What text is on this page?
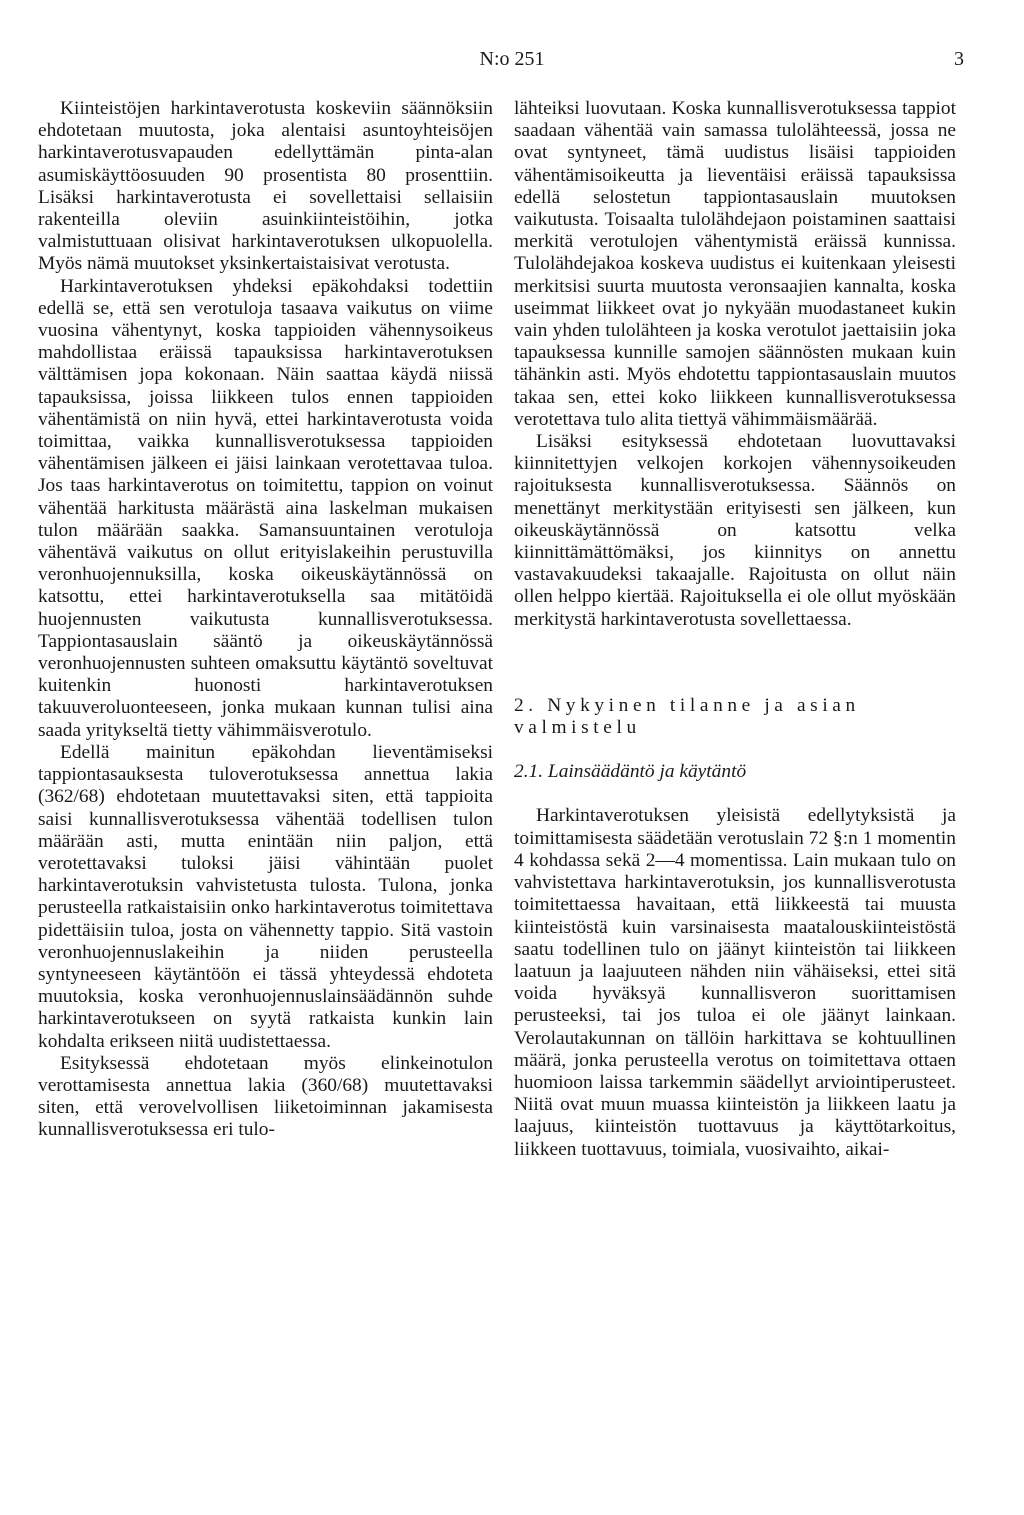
N:o 251	3

Kiinteistöjen harkintaverotusta koskeviin säännöksiin ehdotetaan muutosta, joka alentaisi asuntoyhteisöjen harkintaverotusvapauden edellyttämän pinta-alan asumiskäyttöosuuden 90 prosentista 80 prosenttiin. Lisäksi harkintaverotusta ei sovellettaisi sellaisiin rakenteilla oleviin asuinkiinteistöihin, jotka valmistuttuaan olisivat harkintaverotuksen ulkopuolella. Myös nämä muutokset yksinkertaistaisivat verotusta.

Harkintaverotuksen yhdeksi epäkohdaksi todettiin edellä se, että sen verotuloja tasaava vaikutus on viime vuosina vähentynyt, koska tappioiden vähennysoikeus mahdollistaa eräissä tapauksissa harkintaverotuksen välttämisen jopa kokonaan. Näin saattaa käydä niissä tapauksissa, joissa liikkeen tulos ennen tappioiden vähentämistä on niin hyvä, ettei harkintaverotusta voida toimittaa, vaikka kunnallisverotuksessa tappioiden vähentämisen jälkeen ei jäisi lainkaan verotettavaa tuloa. Jos taas harkintaverotus on toimitettu, tappion on voinut vähentää harkitusta määrästä aina laskelman mukaisen tulon määrään saakka. Samansuuntainen verotuloja vähentävä vaikutus on ollut erityislakeihin perustuvilla veronhuojennuksilla, koska oikeuskäytännössä on katsottu, ettei harkintaverotuksella saa mitätöidä huojennusten vaikutusta kunnallisverotuksessa. Tappiontasauslain sääntö ja oikeuskäytännössä veronhuojennusten suhteen omaksuttu käytäntö soveltuvat kuitenkin huonosti harkintaverotuksen takuuveroluonteeseen, jonka mukaan kunnan tulisi aina saada yritykseltä tietty vähimmäisverotulo.

Edellä mainitun epäkohdan lieventämiseksi tappiontasauksesta tuloverotuksessa annettua lakia (362/68) ehdotetaan muutettavaksi siten, että tappioita saisi kunnallisverotuksessa vähentää todellisen tulon määrään asti, mutta enintään niin paljon, että verotettavaksi tuloksi jäisi vähintään puolet harkintaverotuksin vahvistetusta tulosta. Tulona, jonka perusteella ratkaistaisiin onko harkintaverotus toimitettava pidettäisiin tuloa, josta on vähennetty tappio. Sitä vastoin veronhuojennuslakeihin ja niiden perusteella syntyneeseen käytäntöön ei tässä yhteydessä ehdoteta muutoksia, koska veronhuojennuslainsäädännön suhde harkintaverotukseen on syytä ratkaista kunkin lain kohdalta erikseen niitä uudistettaessa.

Esityksessä ehdotetaan myös elinkeinotulon verottamisesta annettua lakia (360/68) muutettavaksi siten, että verovelvollisen liiketoiminnan jakamisesta kunnallisverotuksessa eri tulo-

lähteiksi luovutaan. Koska kunnallisverotuksessa tappiot saadaan vähentää vain samassa tulolähteessä, jossa ne ovat syntyneet, tämä uudistus lisäisi tappioiden vähentämisoikeutta ja lieventäisi eräissä tapauksissa edellä selostetun tappiontasauslain muutoksen vaikutusta. Toisaalta tulolähdejaon poistaminen saattaisi merkitä verotulojen vähentymistä eräissä kunnissa. Tulolähdejakoa koskeva uudistus ei kuitenkaan yleisesti merkitsisi suurta muutosta veronsaajien kannalta, koska useimmat liikkeet ovat jo nykyään muodastaneet kukin vain yhden tulolähteen ja koska verotulot jaettaisiin joka tapauksessa kunnille samojen säännösten mukaan kuin tähänkin asti. Myös ehdotettu tappiontasauslain muutos takaa sen, ettei koko liikkeen kunnallisverotuksessa verotettava tulo alita tiettyä vähimmäismäärää.

Lisäksi esityksessä ehdotetaan luovuttavaksi kiinnitettyjen velkojen korkojen vähennysoikeuden rajoituksesta kunnallisverotuksessa. Säännös on menettänyt merkitystään erityisesti sen jälkeen, kun oikeuskäytännössä on katsottu velka kiinnittämättömäksi, jos kiinnitys on annettu vastavakuudeksi takaajalle. Rajoitusta on ollut näin ollen helppo kiertää. Rajoituksella ei ole ollut myöskään merkitystä harkintaverotusta sovellettaessa.

2. Nykyinen tilanne ja asian valmistelu
2.1. Lainsäädäntö ja käytäntö

Harkintaverotuksen yleisistä edellytyksistä ja toimittamisesta säädetään verotuslain 72 §:n 1 momentin 4 kohdassa sekä 2—4 momentissa. Lain mukaan tulo on vahvistettava harkintaverotuksin, jos kunnallisverotusta toimitettaessa havaitaan, että liikkeestä tai muusta kiinteistöstä kuin varsinaisesta maatalouskiinteistöstä saatu todellinen tulo on jäänyt kiinteistön tai liikkeen laatuun ja laajuuteen nähden niin vähäiseksi, ettei sitä voida hyväksyä kunnallisveron suorittamisen perusteeksi, tai jos tuloa ei ole jäänyt lainkaan. Verolautakunnan on tällöin harkittava se kohtuullinen määrä, jonka perusteella verotus on toimitettava ottaen huomioon laissa tarkemmin säädellyt arviointiperusteet. Niitä ovat muun muassa kiinteistön ja liikkeen laatu ja laajuus, kiinteistön tuottavuus ja käyttötarkoitus, liikkeen tuottavuus, toimiala, vuosivaihto, aikai-
